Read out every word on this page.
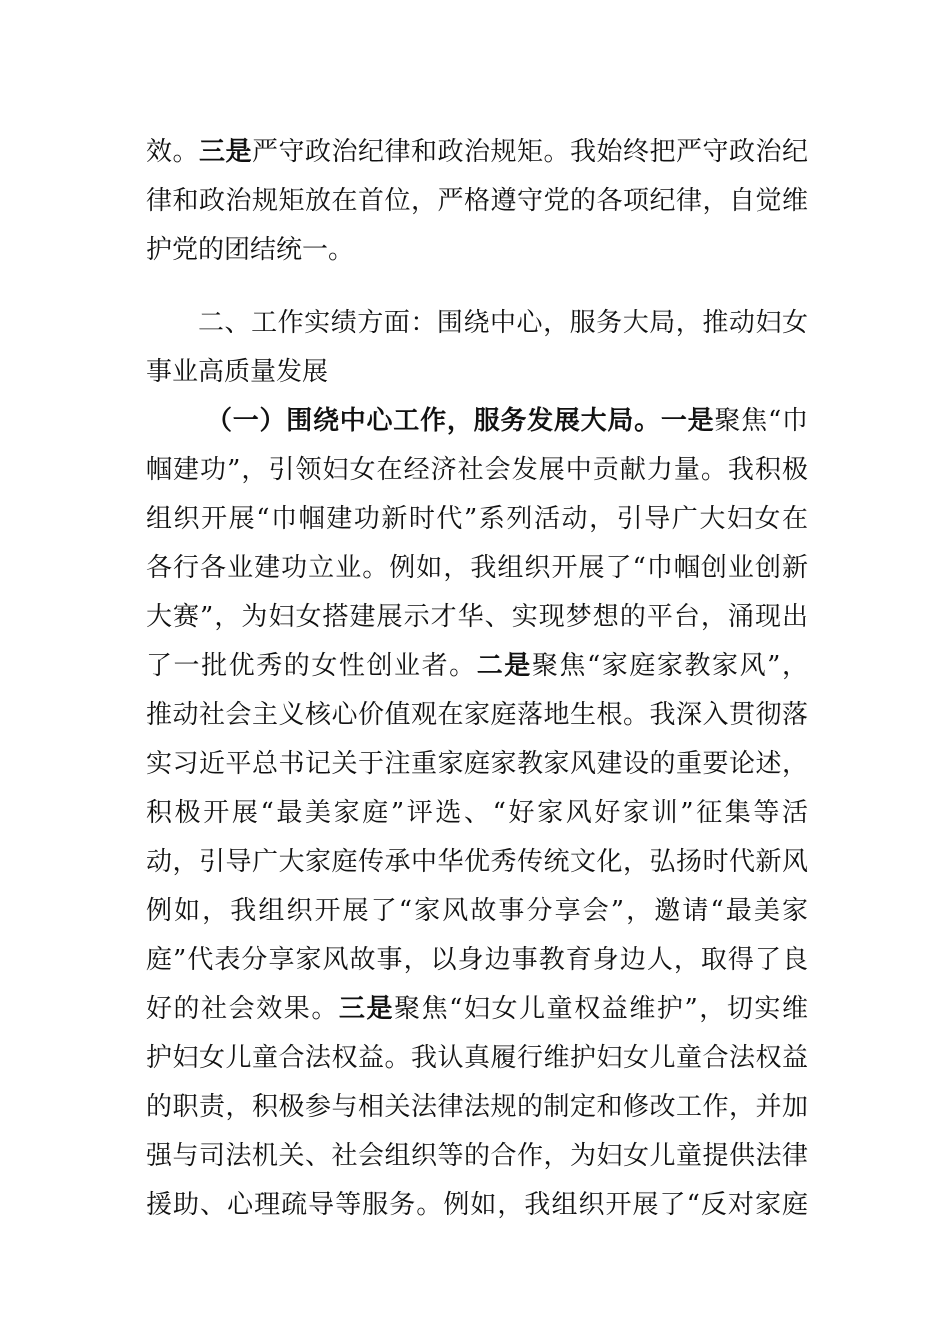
效。三是严守政治纪律和政治规矩。我始终把严守政治纪
律和政治规矩放在首位，严格遵守党的各项纪律，自觉维
护党的团结统一。
二、工作实绩方面：围绕中心，服务大局，推动妇女
事业高质量发展
（一）围绕中心工作，服务发展大局。一是聚焦“巾
帼建功”，引领妇女在经济社会发展中贡献力量。我积极
组织开展“巾帼建功新时代”系列活动，引导广大妇女在
各行各业建功立业。例如，我组织开展了“巾帼创业创新
大赛”，为妇女搭建展示才华、实现梦想的平台，涌现出
了一批优秀的女性创业者。二是聚焦“家庭家教家风”，
推动社会主义核心价值观在家庭落地生根。我深入贯彻落
实习近平总书记关于注重家庭家教家风建设的重要论述，
积极开展“最美家庭”评选、“好家风好家训”征集等活
动，引导广大家庭传承中华优秀传统文化，弘扬时代新风
例如，我组织开展了“家风故事分享会”，邀请“最美家
庭”代表分享家风故事，以身边事教育身边人，取得了良
好的社会效果。三是聚焦“妇女儿童权益维护”，切实维
护妇女儿童合法权益。我认真履行维护妇女儿童合法权益
的职责，积极参与相关法律法规的制定和修改工作，并加
强与司法机关、社会组织等的合作，为妇女儿童提供法律
援助、心理疏导等服务。例如，我组织开展了“反对家庭
